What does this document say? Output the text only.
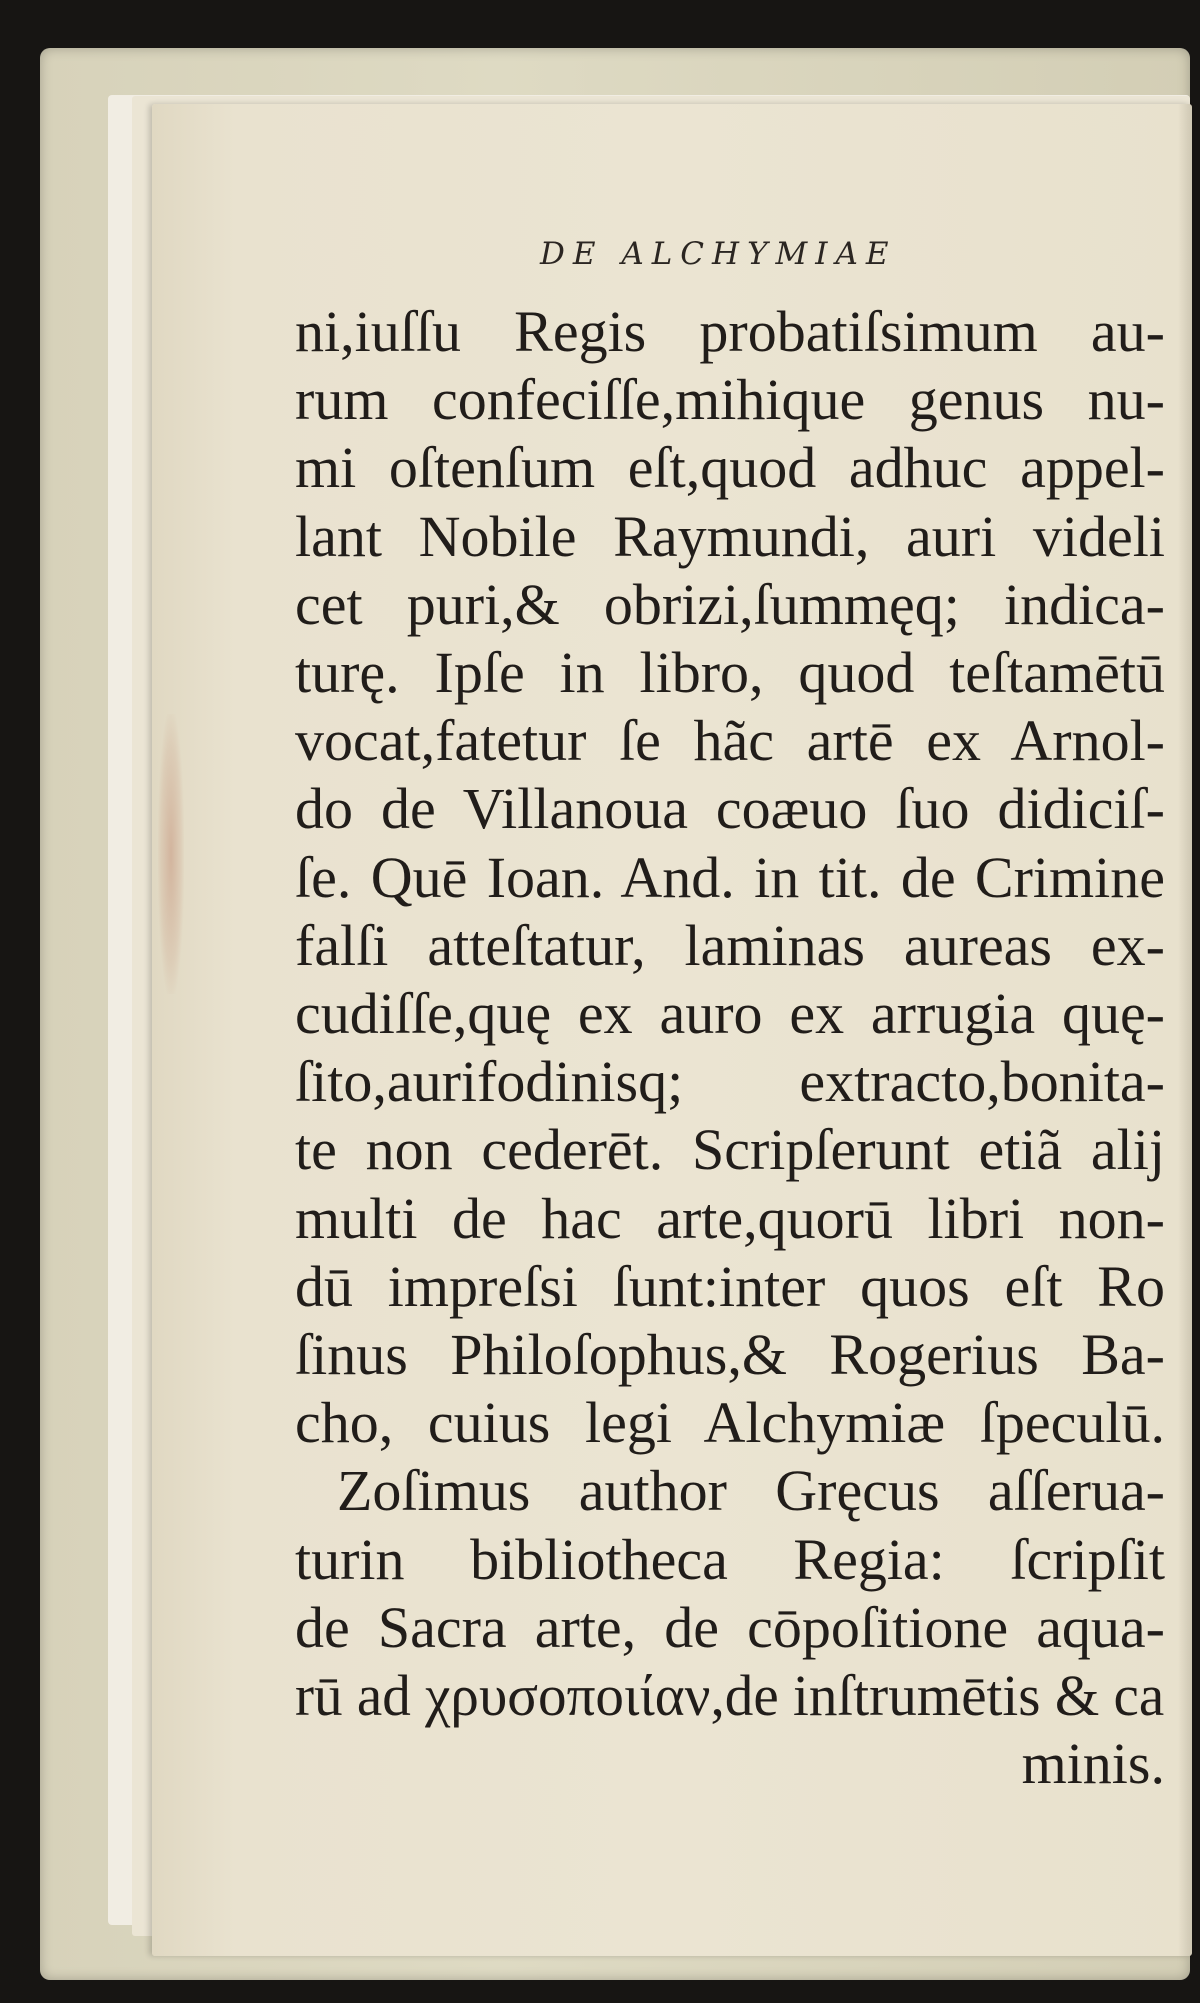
DE ALCHYMIAE
ni,iuſſu Regis probatiſsimum au-
rum confeciſſe,mihique genus nu-
mi oſtenſum eſt,quod adhuc appel-
lant Nobile Raymundi, auri videli
cet puri,& obrizi,ſummęq; indica-
turę. Ipſe in libro, quod teſtamētū
vocat,fatetur ſe hãc artē ex Arnol-
do de Villanoua coæuo ſuo didiciſ-
ſe. Quē Ioan. And. in tit. de Crimine
falſi atteſtatur, laminas aureas ex-
cudiſſe,quę ex auro ex arrugia quę-
ſito,aurifodinisq; extracto,bonita-
te non cederēt. Scripſerunt etiã alij
multi de hac arte,quorū libri non-
dū impreſsi ſunt:inter quos eſt Ro
ſinus Philoſophus,& Rogerius Ba-
cho, cuius legi Alchymiæ ſpeculū.
Zoſimus author Gręcus aſſerua-
turin bibliotheca Regia: ſcripſit
de Sacra arte, de cōpoſitione aqua-
rū ad χρυσοποιίαν,de inſtrumētis & ca
minis.
